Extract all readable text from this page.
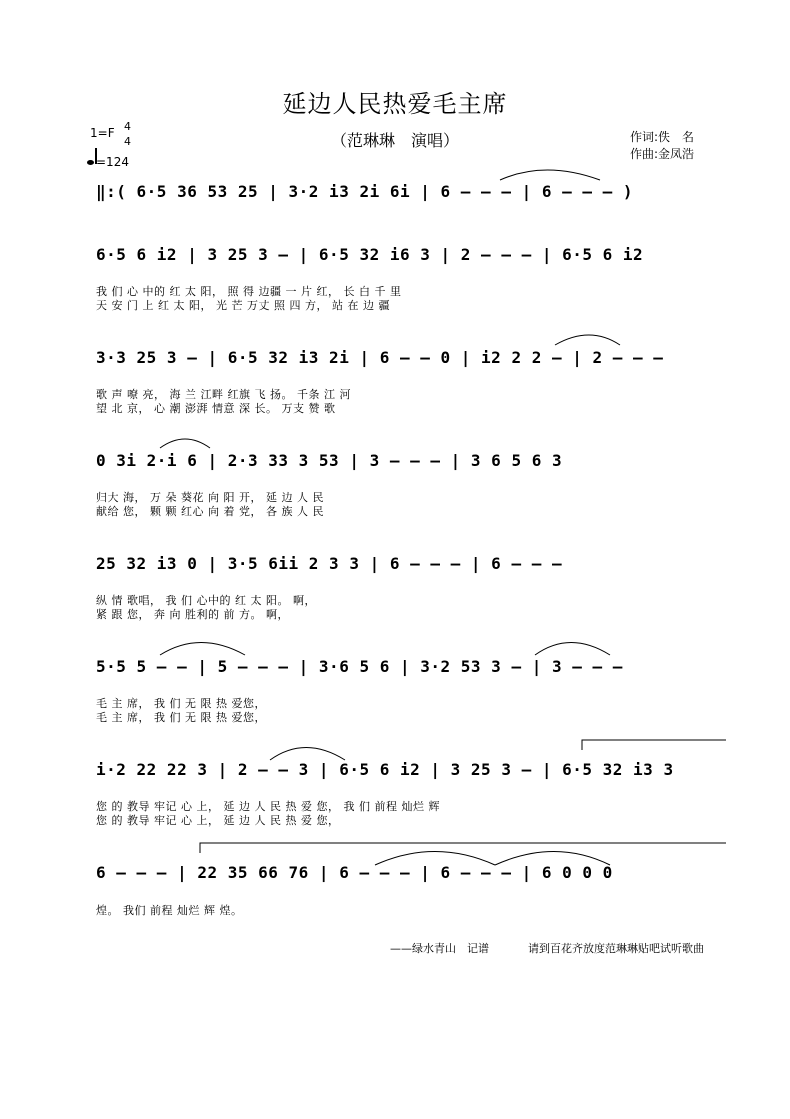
延边人民热爱毛主席
（范琳琳　演唱）
1=F 4
4
=124
作词:佚　名
作曲:金凤浩
‖:( 6·5 36 53 25 | 3·2 i3 2i 6i | 6 — — — | 6 — — — )
6·5 6 i2 | 3 25 3 — | 6·5 32 i6 3 | 2 — — — | 6·5 6 i2
我 们 心 中的 红 太 阳， 照 得 边疆 一 片 红， 长 白 千 里
天 安 门 上 红 太 阳， 光 芒 万丈 照 四 方， 站 在 边 疆
3·3 25 3 — | 6·5 32 i3 2i | 6 — — 0 | i2 2 2 — | 2 — — —
歌 声 嘹 亮， 海 兰 江畔 红旗 飞 扬。 千条 江 河
望 北 京， 心 潮 澎湃 情意 深 长。 万支 赞 歌
0 3i 2·i 6 | 2·3 33 3 53 | 3 — — — | 3 6 5 6 3
归大 海， 万 朵 葵花 向 阳 开， 延 边 人 民
献给 您， 颗 颗 红心 向 着 党， 各 族 人 民
25 32 i3 0 | 3·5 6ii 2 3 3 | 6 — — — | 6 — — —
纵 情 歌唱， 我 们 心中的 红 太 阳。 啊，
紧 跟 您， 奔 向 胜利的 前 方。 啊，
5·5 5 — — | 5 — — — | 3·6 5 6 | 3·2 53 3 — | 3 — — —
毛 主 席， 我 们 无 限 热 爱您，
毛 主 席， 我 们 无 限 热 爱您，
i·2 22 22 3 | 2 — — 3 | 6·5 6 i2 | 3 25 3 — | 6·5 32 i3 3
您 的 教导 牢记 心 上， 延 边 人 民 热 爱 您， 我 们 前程 灿烂 辉
您 的 教导 牢记 心 上， 延 边 人 民 热 爱 您，
6 — — — | 22 35 66 76 | 6 — — — | 6 — — — | 6 0 0 0
煌。 我们 前程 灿烂 辉 煌。
——绿水青山　记谱	请到百花齐放度范琳琳贴吧试听歌曲
